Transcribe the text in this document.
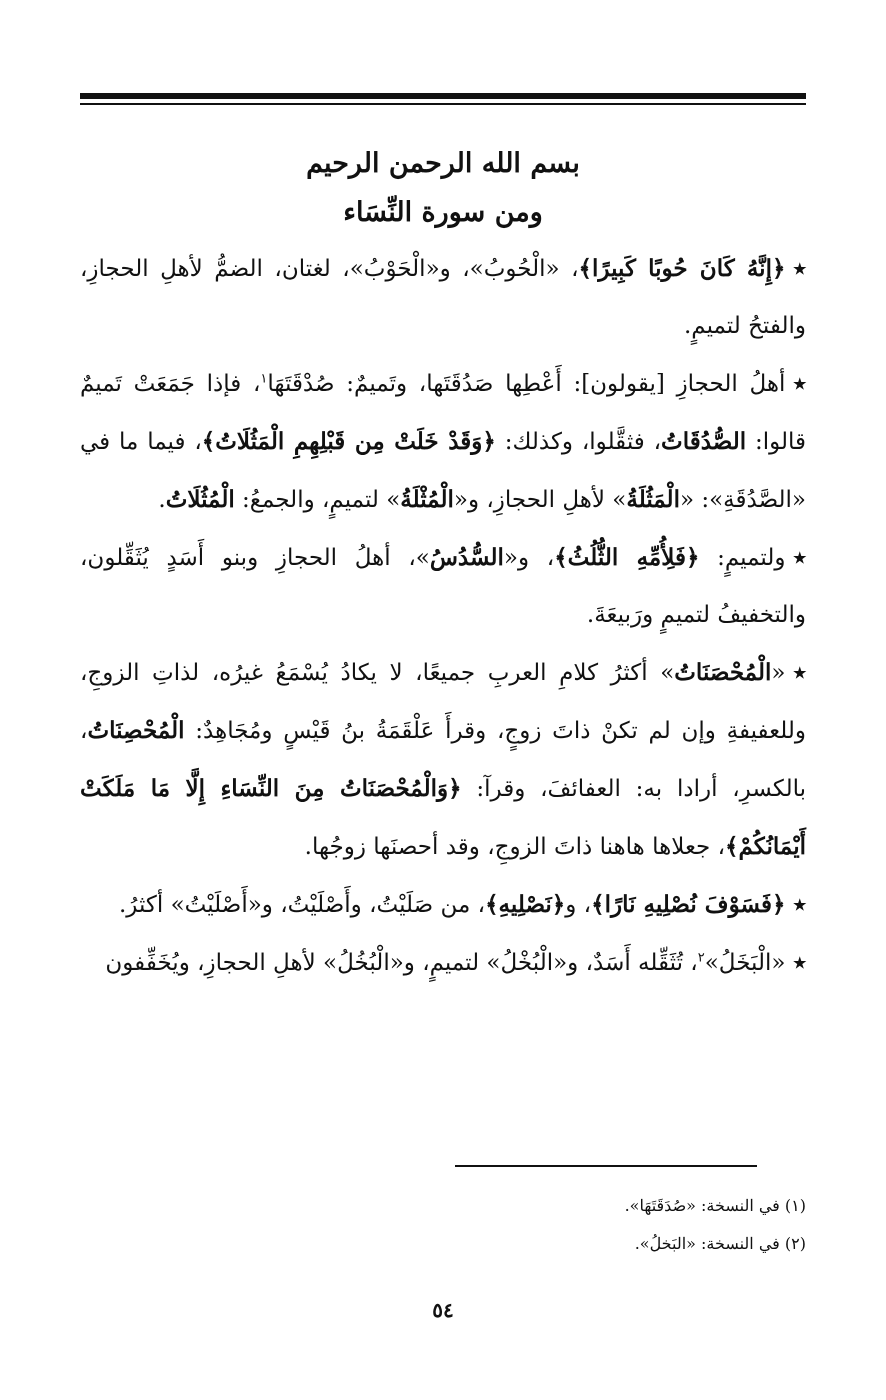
بسم الله الرحمن الرحيم

ومن سورة النِّسَاء

٭﴿إِنَّهُ كَانَ حُوبًا كَبِيرًا﴾، «الْحُوبُ»، و«الْحَوْبُ»، لغتان، الضمُّ لأهلِ الحجازِ، والفتحُ لتميمٍ.

٭أهلُ الحجازِ [يقولون]: أَعْطِها صَدُقَتَها، وتَميمٌ: صُدْقَتَهَا$^١$، فإذا جَمَعَتْ تَميمٌ قالوا: الصُّدُقَاتُ، فثقَّلوا، وكذلك: ﴿وَقَدْ خَلَتْ مِن قَبْلِهِمِ الْمَثُلَاتُ﴾، فيما ما في «الصَّدُقَةِ»: «الْمَثُلَةُ» لأهلِ الحجازِ، و«الْمُثْلَةُ» لتميمٍ، والجمعُ: الْمُثُلَاتُ.

٭ولتميمٍ: ﴿فَلِأُمِّهِ الثُّلُثُ﴾، و«السُّدُسُ»، أهلُ الحجازِ وبنو أَسَدٍ يُثَقِّلون، والتخفيفُ لتميمٍ ورَبيعَةَ.

٭«الْمُحْصَنَاتُ» أكثرُ كلامِ العربِ جميعًا، لا يكادُ يُسْمَعُ غيرُه، لذاتِ الزوجِ، وللعفيفةِ وإن لم تكنْ ذاتَ زوجٍ، وقرأَ عَلْقَمَةُ بنُ قَيْسٍ ومُجَاهِدٌ: الْمُحْصِنَاتُ، بالكسرِ، أرادا به: العفائفَ، وقرآ: ﴿وَالْمُحْصَنَاتُ مِنَ النِّسَاءِ إِلَّا مَا مَلَكَتْ أَيْمَانُكُمْ﴾، جعلاها هاهنا ذاتَ الزوجِ، وقد أحصنَها زوجُها.

٭﴿فَسَوْفَ نُصْلِيهِ نَارًا﴾، و﴿نَصْلِيهِ﴾، من صَلَيْتُ، وأَصْلَيْتُ، و«أَصْلَيْتُ» أكثرُ.

٭«الْبَخَلُ»$^٢$، تُثَقِّله أَسَدٌ، و«الْبُخْلُ» لتميمٍ، و«الْبُخُلُ» لأهلِ الحجازِ، ويُخَفِّفون

(١) في النسخة: «صُدَقَتَهَا».

(٢) في النسخة: «البَخلُ».

٥٤
